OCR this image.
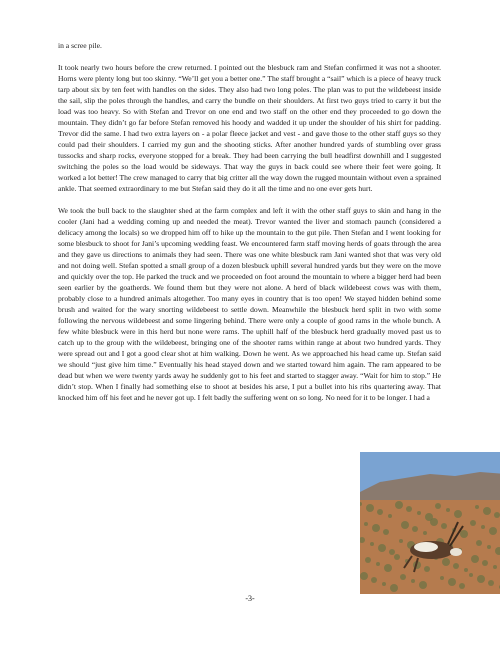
in a scree pile.

It took nearly two hours before the crew returned. I pointed out the blesbuck ram and Stefan confirmed it was not a shooter. Horns were plenty long but too skinny. “We’ll get you a better one.” The staff brought a “sail” which is a piece of heavy truck tarp about six by ten feet with handles on the sides. They also had two long poles. The plan was to put the wildebeest inside the sail, slip the poles through the handles, and carry the bundle on their shoulders. At first two guys tried to carry it but the load was too heavy. So with Stefan and Trevor on one end and two staff on the other end they proceeded to go down the mountain. They didn’t go far before Stefan removed his hoody and wadded it up under the shoulder of his shirt for padding. Trevor did the same. I had two extra layers on - a polar fleece jacket and vest - and gave those to the other staff guys so they could pad their shoulders. I carried my gun and the shooting sticks. After another hundred yards of stumbling over grass tussocks and sharp rocks, everyone stopped for a break. They had been carrying the bull headfirst downhill and I suggested switching the poles so the load would be sideways. That way the guys in back could see where their feet were going. It worked a lot better! The crew managed to carry that big critter all the way down the rugged mountain without even a sprained ankle. That seemed extraordinary to me but Stefan said they do it all the time and no one ever gets hurt.

We took the bull back to the slaughter shed at the farm complex and left it with the other staff guys to skin and hang in the cooler (Jani had a wedding coming up and needed the meat). Trevor wanted the liver and stomach paunch (considered a delicacy among the locals) so we dropped him off to hike up the mountain to the gut pile. Then Stefan and I went looking for some blesbuck to shoot for Jani’s upcoming wedding feast. We encountered farm staff moving herds of goats through the area and they gave us directions to animals they had seen. There was one white blesbuck ram Jani wanted shot that was very old and not doing well. Stefan spotted a small group of a dozen blesbuck uphill several hundred yards but they were on the move and quickly over the top. He parked the truck and we proceeded on foot around the mountain to where a bigger herd had been seen earlier by the goatherds. We found them but they were not alone. A herd of black wildebeest cows was with them, probably close to a hundred animals altogether. Too many eyes in country that is too open! We stayed hidden behind some brush and waited for the wary snorting wildebeest to settle down. Meanwhile the blesbuck herd split in two with some following the nervous wildebeest and some lingering behind. There were only a couple of good rams in the whole bunch. A few white blesbuck were in this herd but none were rams. The uphill half of the blesbuck herd gradually moved past us to catch up to the group with the wildebeest, bringing one of the shooter rams within range at about two hundred yards. They were spread out and I got a good clear shot at him walking. Down he went. As we approached his head came up. Stefan said we should “just give him time.” Eventually his head stayed down and we started toward him again. The ram appeared to be dead but when we were twenty yards away he suddenly got to his feet and started to stagger away. “Wait for him to stop.” He didn’t stop. When I finally had something else to shoot at besides his arse, I put a bullet into his ribs quartering away. That knocked him off his feet and he never got up. I felt badly the suffering went on so long. No need for it to be longer. I had a

-3-
